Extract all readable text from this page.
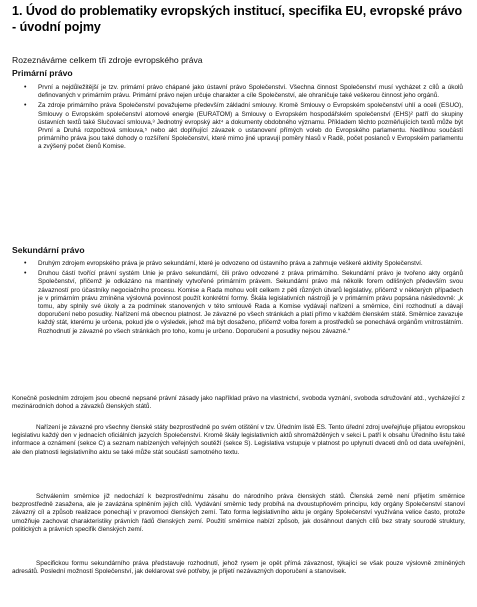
1. Úvod do problematiky evropských institucí, specifika EU, evropské právo - úvodní pojmy
Rozeznáváme celkem tři zdroje evropského práva
Primární právo
• První a nejdůležitější je tzv. primární právo chápané jako ústavní právo Společenství. Všechna činnost Společenství musí vycházet z cílů a úkolů definovaných v primárním právu. Primární právo nejen určuje charakter a cíle Společenství, ale ohraničuje také veškerou činnost jeho orgánů.
• Za zdroje primárního práva Společenství považujeme především základní smlouvy. Kromě Smlouvy o Evropském společenství uhlí a oceli (ESUO), Smlouvy o Evropském společenství atomové energie (EURATOM) a Smlouvy o Evropském hospodářském společenství (EHS)² patří do skupiny ústavních textů také Slučovací smlouva,³ Jednotný evropský akt⁴ a dokumenty obdobného významu. Příkladem těchto pozměňujících textů může být První a Druhá rozpočtová smlouva,⁵ nebo akt doplňující závazek o ustanovení přímých voleb do Evropského parlamentu. Nedílnou součástí primárního práva jsou také dohody o rozšíření Společenství, které mimo jiné upravují poměry hlasů v Radě, počet poslanců v Evropském parlamentu a zvýšený počet členů Komise.
Sekundární právo
• Druhým zdrojem evropského práva je právo sekundární, které je odvozeno od ústavního práva a zahrnuje veškeré aktivity Společenství.
• Druhou částí tvořící právní systém Unie je právo sekundární, čili právo odvozené z práva primárního. Sekundární právo je tvořeno akty orgánů Společenství, přičemž je odkázáno na mantinely vytvořené primárním právem. Sekundární právo má několik forem odlišných především svou závazností pro účastníky negociačního procesu. Komise a Rada mohou volit celkem z pěti různých útvarů legislativy, přičemž v některých případech je v primárním právu zmíněna výslovná povinnost použít konkrétní formy. Škála legislativních nástrojů je v primárním právu popsána následovně: „k tomu, aby splnily své úkoly a za podmínek stanovených v této smlouvě Rada a Komise vydávají nařízení a směrnice, činí rozhodnutí a dávají doporučení nebo posudky. Nařízení má obecnou platnost. Je závazné po všech stránkách a platí přímo v každém členském státě. Směrnice zavazuje každý stát, kterému je určena, pokud jde o výsledek, jehož má být dosaženo, přičemž volba forem a prostředků se ponechává orgánům vnitrostátním. Rozhodnutí je závazné po všech stránkách pro toho, komu je určeno. Doporučení a posudky nejsou závazné.“

Konečně posledním zdrojem jsou obecné nepsané právní zásady jako například právo na vlastnictví, svoboda vyznání, svoboda sdružování atd., vycházející z mezinárodních dohod a závazků členských států.

Nařízení je závazné pro všechny členské státy bezprostředně po svém otištění v tzv. Úředním listě ES. Tento úřední zdroj uveřejňuje přijatou evropskou legislativu každý den v jednacích oficiálních jazycích Společenství. Kromě škály legislativních aktů shromážděných v sekci L patří k obsahu Úředního listu také informace a oznámení (sekce C) a seznam nabízených veřejných soutěží (sekce S). Legislativa vstupuje v platnost po uplynutí dvaceti dnů od data uveřejnění, ale den platnosti legislativního aktu se také může stát součástí samotného textu.

Schválením směrnice již nedochází k bezprostřednímu zásahu do národního práva členských států. Členská země není přijetím směrnice bezprostředně zasažena, ale je zavázána splněním jejích cílů. Vydávání směrnic tedy probíhá na dvoustupňovém principu, kdy orgány Společenství stanoví závazný cíl a způsob realizace ponechají v pravomoci členských zemí. Tato forma legislativního aktu je orgány Společenství využívána velice často, protože umožňuje zachovat charakteristiky právních řádů členských zemí. Použití směrnice nabízí způsob, jak dosáhnout daných cílů bez straty sourodé struktury, politických a právních specifik členských zemí.

Specifickou formu sekundárního práva představuje rozhodnutí, jehož rysem je opět přímá závaznost, týkající se však pouze výslovně zmíněných adresátů. Poslední možností Společenství, jak deklarovat své potřeby, je přijetí nezávazných doporučení a stanovisek.
